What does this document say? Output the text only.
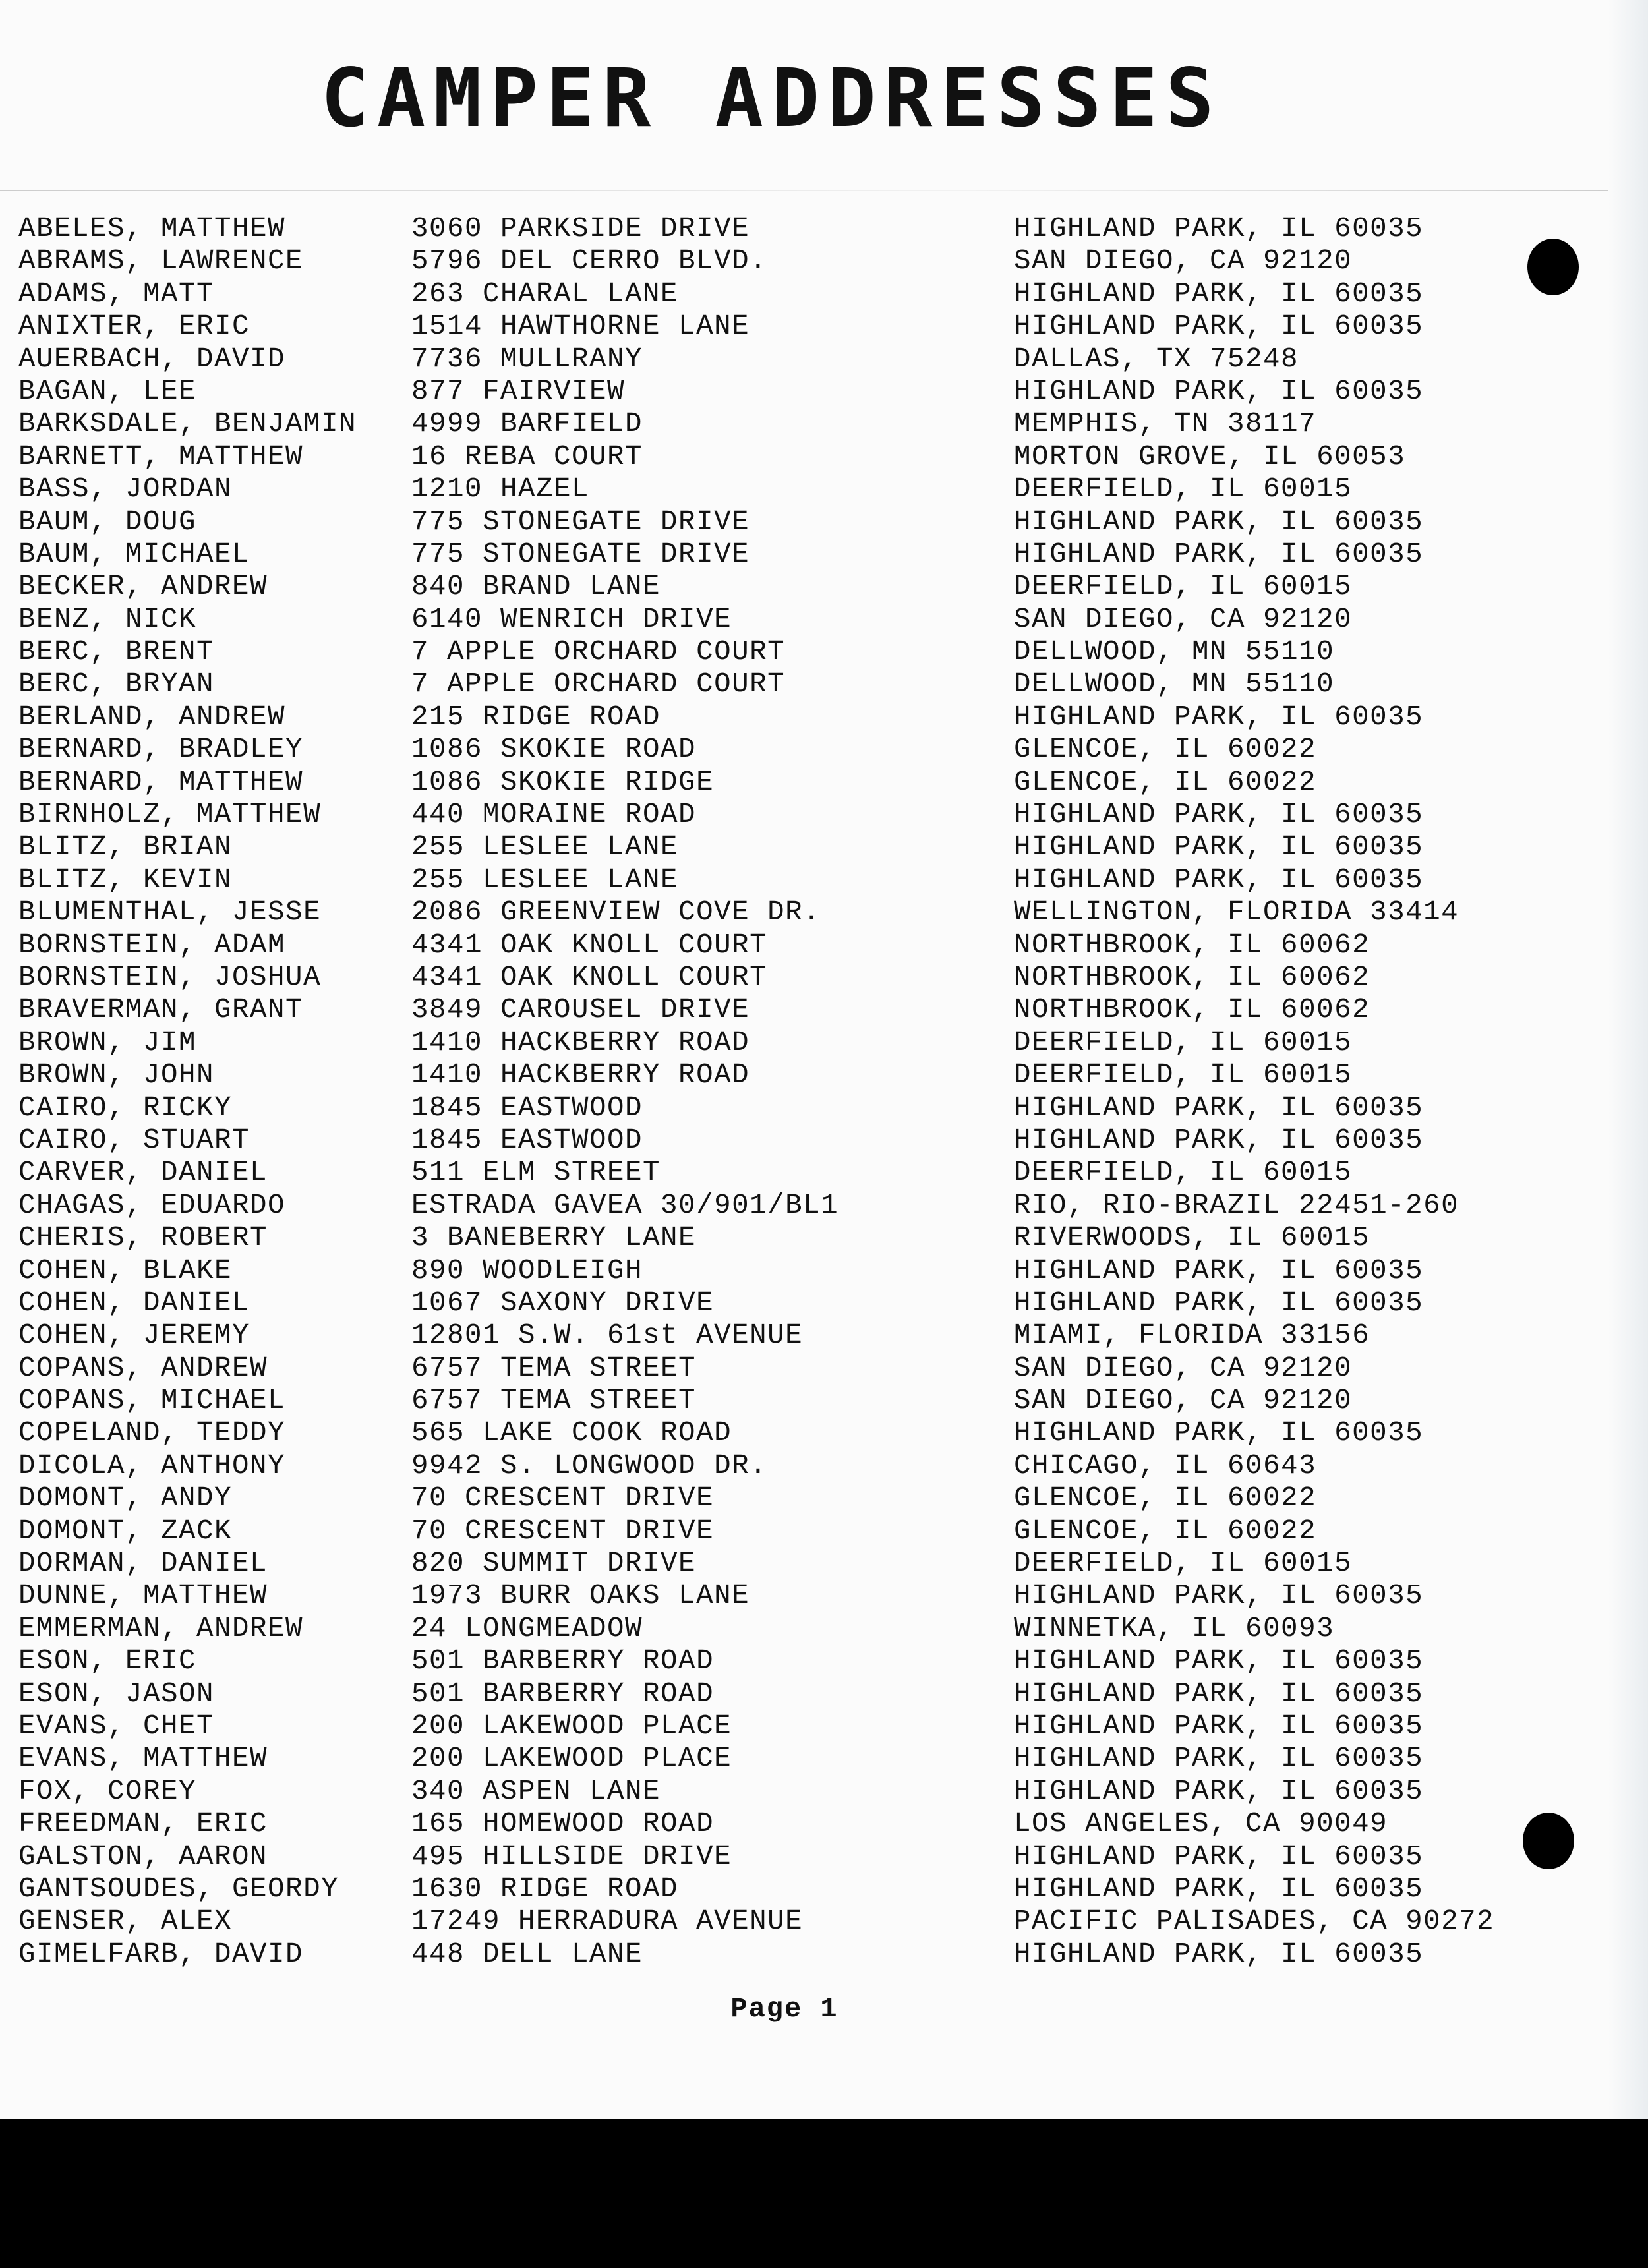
CAMPER ADDRESSES
ABELES, MATTHEW	3060 PARKSIDE DRIVE	HIGHLAND PARK, IL 60035
ABRAMS, LAWRENCE	5796 DEL CERRO BLVD.	SAN DIEGO, CA 92120
ADAMS, MATT	263 CHARAL LANE	HIGHLAND PARK, IL 60035
ANIXTER, ERIC	1514 HAWTHORNE LANE	HIGHLAND PARK, IL 60035
AUERBACH, DAVID	7736 MULLRANY	DALLAS, TX 75248
BAGAN, LEE	877 FAIRVIEW	HIGHLAND PARK, IL 60035
BARKSDALE, BENJAMIN 4999 BARFIELD	MEMPHIS, TN 38117
BARNETT, MATTHEW	16 REBA COURT	MORTON GROVE, IL 60053
BASS, JORDAN	1210 HAZEL	DEERFIELD, IL 60015
BAUM, DOUG	775 STONEGATE DRIVE	HIGHLAND PARK, IL 60035
BAUM, MICHAEL	775 STONEGATE DRIVE	HIGHLAND PARK, IL 60035
BECKER, ANDREW	840 BRAND LANE	DEERFIELD, IL 60015
BENZ, NICK	6140 WENRICH DRIVE	SAN DIEGO, CA 92120
BERC, BRENT	7 APPLE ORCHARD COURT	DELLWOOD, MN 55110
BERC, BRYAN	7 APPLE ORCHARD COURT	DELLWOOD, MN 55110
BERLAND, ANDREW	215 RIDGE ROAD	HIGHLAND PARK, IL 60035
BERNARD, BRADLEY	1086 SKOKIE ROAD	GLENCOE, IL 60022
BERNARD, MATTHEW	1086 SKOKIE RIDGE	GLENCOE, IL 60022
BIRNHOLZ, MATTHEW	440 MORAINE ROAD	HIGHLAND PARK, IL 60035
BLITZ, BRIAN	255 LESLEE LANE	HIGHLAND PARK, IL 60035
BLITZ, KEVIN	255 LESLEE LANE	HIGHLAND PARK, IL 60035
BLUMENTHAL, JESSE	2086 GREENVIEW COVE DR.	WELLINGTON, FLORIDA 33414
BORNSTEIN, ADAM	4341 OAK KNOLL COURT	NORTHBROOK, IL 60062
BORNSTEIN, JOSHUA	4341 OAK KNOLL COURT	NORTHBROOK, IL 60062
BRAVERMAN, GRANT	3849 CAROUSEL DRIVE	NORTHBROOK, IL 60062
BROWN, JIM	1410 HACKBERRY ROAD	DEERFIELD, IL 60015
BROWN, JOHN	1410 HACKBERRY ROAD	DEERFIELD, IL 60015
CAIRO, RICKY	1845 EASTWOOD	HIGHLAND PARK, IL 60035
CAIRO, STUART	1845 EASTWOOD	HIGHLAND PARK, IL 60035
CARVER, DANIEL	511 ELM STREET	DEERFIELD, IL 60015
CHAGAS, EDUARDO	ESTRADA GAVEA 30/901/BL1	RIO, RIO-BRAZIL 22451-260
CHERIS, ROBERT	3 BANEBERRY LANE	RIVERWOODS, IL 60015
COHEN, BLAKE	890 WOODLEIGH	HIGHLAND PARK, IL 60035
COHEN, DANIEL	1067 SAXONY DRIVE	HIGHLAND PARK, IL 60035
COHEN, JEREMY	12801 S.W. 61st AVENUE	MIAMI, FLORIDA 33156
COPANS, ANDREW	6757 TEMA STREET	SAN DIEGO, CA 92120
COPANS, MICHAEL	6757 TEMA STREET	SAN DIEGO, CA 92120
COPELAND, TEDDY	565 LAKE COOK ROAD	HIGHLAND PARK, IL 60035
DICOLA, ANTHONY	9942 S. LONGWOOD DR.	CHICAGO, IL 60643
DOMONT, ANDY	70 CRESCENT DRIVE	GLENCOE, IL 60022
DOMONT, ZACK	70 CRESCENT DRIVE	GLENCOE, IL 60022
DORMAN, DANIEL	820 SUMMIT DRIVE	DEERFIELD, IL 60015
DUNNE, MATTHEW	1973 BURR OAKS LANE	HIGHLAND PARK, IL 60035
EMMERMAN, ANDREW	24 LONGMEADOW	WINNETKA, IL 60093
ESON, ERIC	501 BARBERRY ROAD	HIGHLAND PARK, IL 60035
ESON, JASON	501 BARBERRY ROAD	HIGHLAND PARK, IL 60035
EVANS, CHET	200 LAKEWOOD PLACE	HIGHLAND PARK, IL 60035
EVANS, MATTHEW	200 LAKEWOOD PLACE	HIGHLAND PARK, IL 60035
FOX, COREY	340 ASPEN LANE	HIGHLAND PARK, IL 60035
FREEDMAN, ERIC	165 HOMEWOOD ROAD	LOS ANGELES, CA 90049
GALSTON, AARON	495 HILLSIDE DRIVE	HIGHLAND PARK, IL 60035
GANTSOUDES, GEORDY	1630 RIDGE ROAD	HIGHLAND PARK, IL 60035
GENSER, ALEX	17249 HERRADURA AVENUE	PACIFIC PALISADES, CA 90272
GIMELFARB, DAVID	448 DELL LANE	HIGHLAND PARK, IL 60035
Page 1
